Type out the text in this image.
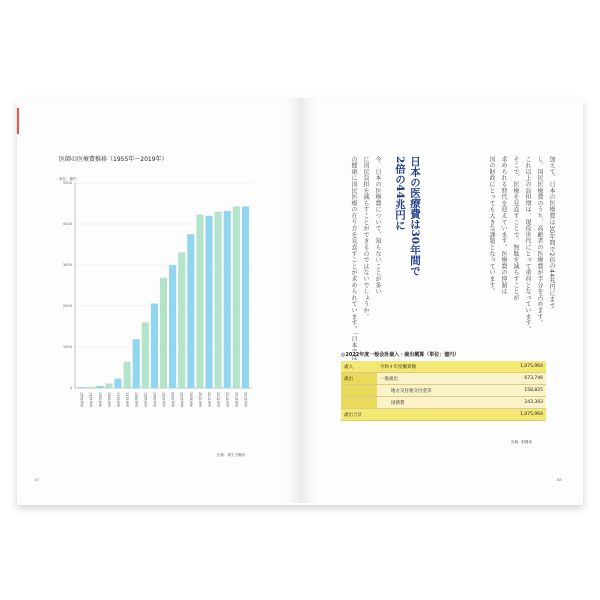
医師の医療費推移（1955年～2019年）
単位：億円
0
1000
2000
3000
4000
5000
1955年度 1957年度 1960年度 1965年度 1970年度 1975年度 1980年度 1985年度 1990年度 1995年度 2000年度 2005年度 2008年度 2010年度 2012年度 2014年度 2016年度 2018年度 2019年度
出典：厚生労働省
87
日本の医療費は30年間で
2倍の44兆円に	加えて、日本の医療費は30年間で2倍の44兆円にまで
し、国民医療費のうち、高齢者の医療費が半分を占めます。
これ以上の負担増は、現役世代にとって重荷となっています。
そこで、医療を見直すことで、無駄を減らすことが
求められる時代を迎えています。医療費の抑制は
国の財政にとっても大きな課題となっています。
今、日本の医療費について、知らないことが多い
に国民負担を減らすことができるのではないでしょうか。
の健康に国民医療の在り方を見直すことが求められています。「日本では
◎2022年度一般会計歳入・歳出概算（単位：億円）
歳入	令和４年度概算額	1,075,964
歳出	一般歳出	673,746
	地方交付税交付金等	158,825
	国債費	243,393
歳出合計		1,075,964
出典：財務省
88
